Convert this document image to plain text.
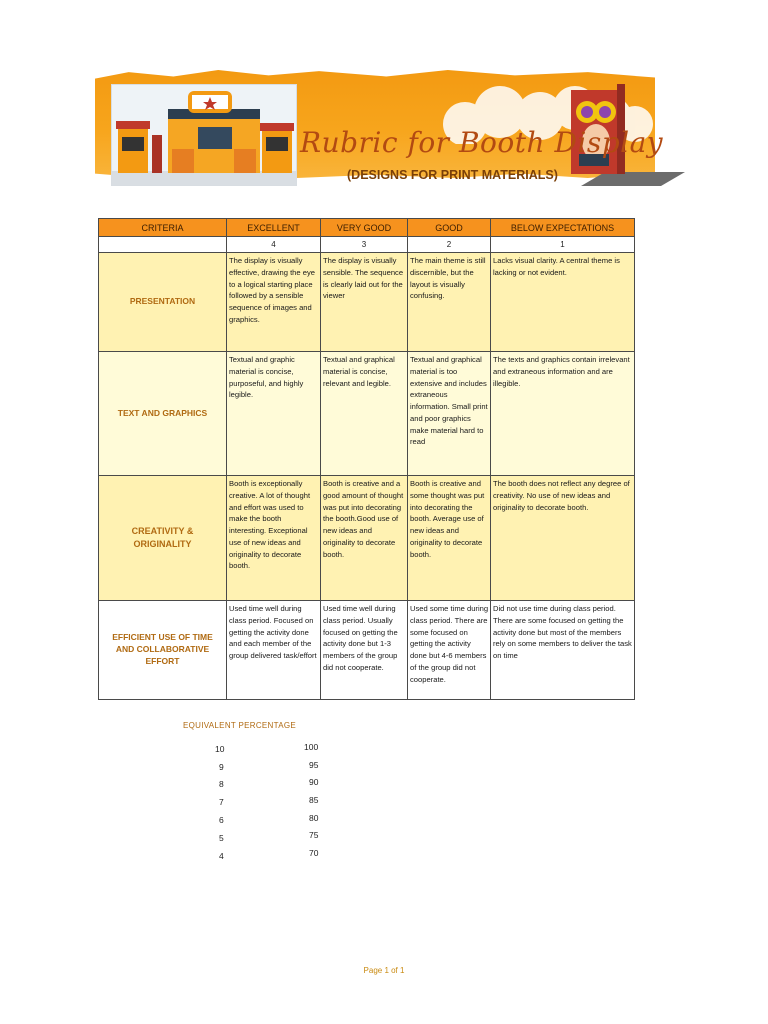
Rubric for Booth Display
(DESIGNS FOR PRINT MATERIALS)
CRITERIA	EXCELLENT	VERY GOOD	GOOD	BELOW EXPECTATIONS
	4	3	2	1
PRESENTATION	The display is visually effective, drawing the eye to a logical starting place followed by a sensible sequence of images and graphics.	The display is visually sensible. The sequence is clearly laid out for the viewer	The main theme is still discernible, but the layout is visually confusing.	Lacks visual clarity. A central theme is lacking or not evident.
TEXT AND GRAPHICS	Textual and graphic material is concise, purposeful, and highly legible.	Textual and graphical material is concise, relevant and legible.	Textual and graphical material is too extensive and includes extraneous information. Small print and poor graphics make material hard to read	The texts and graphics contain irrelevant and extraneous information and are illegible.
CREATIVITY & ORIGINALITY	Booth is exceptionally creative. A lot of thought and effort was used to make the booth interesting. Exceptional use of new ideas and originality to decorate booth.	Booth is creative and a good amount of thought was put into decorating the booth.Good use of new ideas and originality to decorate booth.	Booth is creative and some thought was put into decorating the booth. Average use of new ideas and originality to decorate booth.	The booth does not reflect any degree of creativity. No use of new ideas and originality to decorate booth.
EFFICIENT USE OF TIME AND COLLABORATIVE EFFORT	Used time well during class period. Focused on getting the activity done and each member of the group delivered task/effort	Used time well during class period. Usually focused on getting the activity done but 1-3 members of the group did not cooperate.	Used some time during class period. There are some focused on getting the activity done but 4-6 members of the group did not cooperate.	Did not use time during class period. There are some focused on getting the activity done but most of the members rely on some members to deliver the task on time
EQUIVALENT PERCENTAGE
10	100
9	95
8	90
7	85
6	80
5	75
4	70
Page 1 of 1
